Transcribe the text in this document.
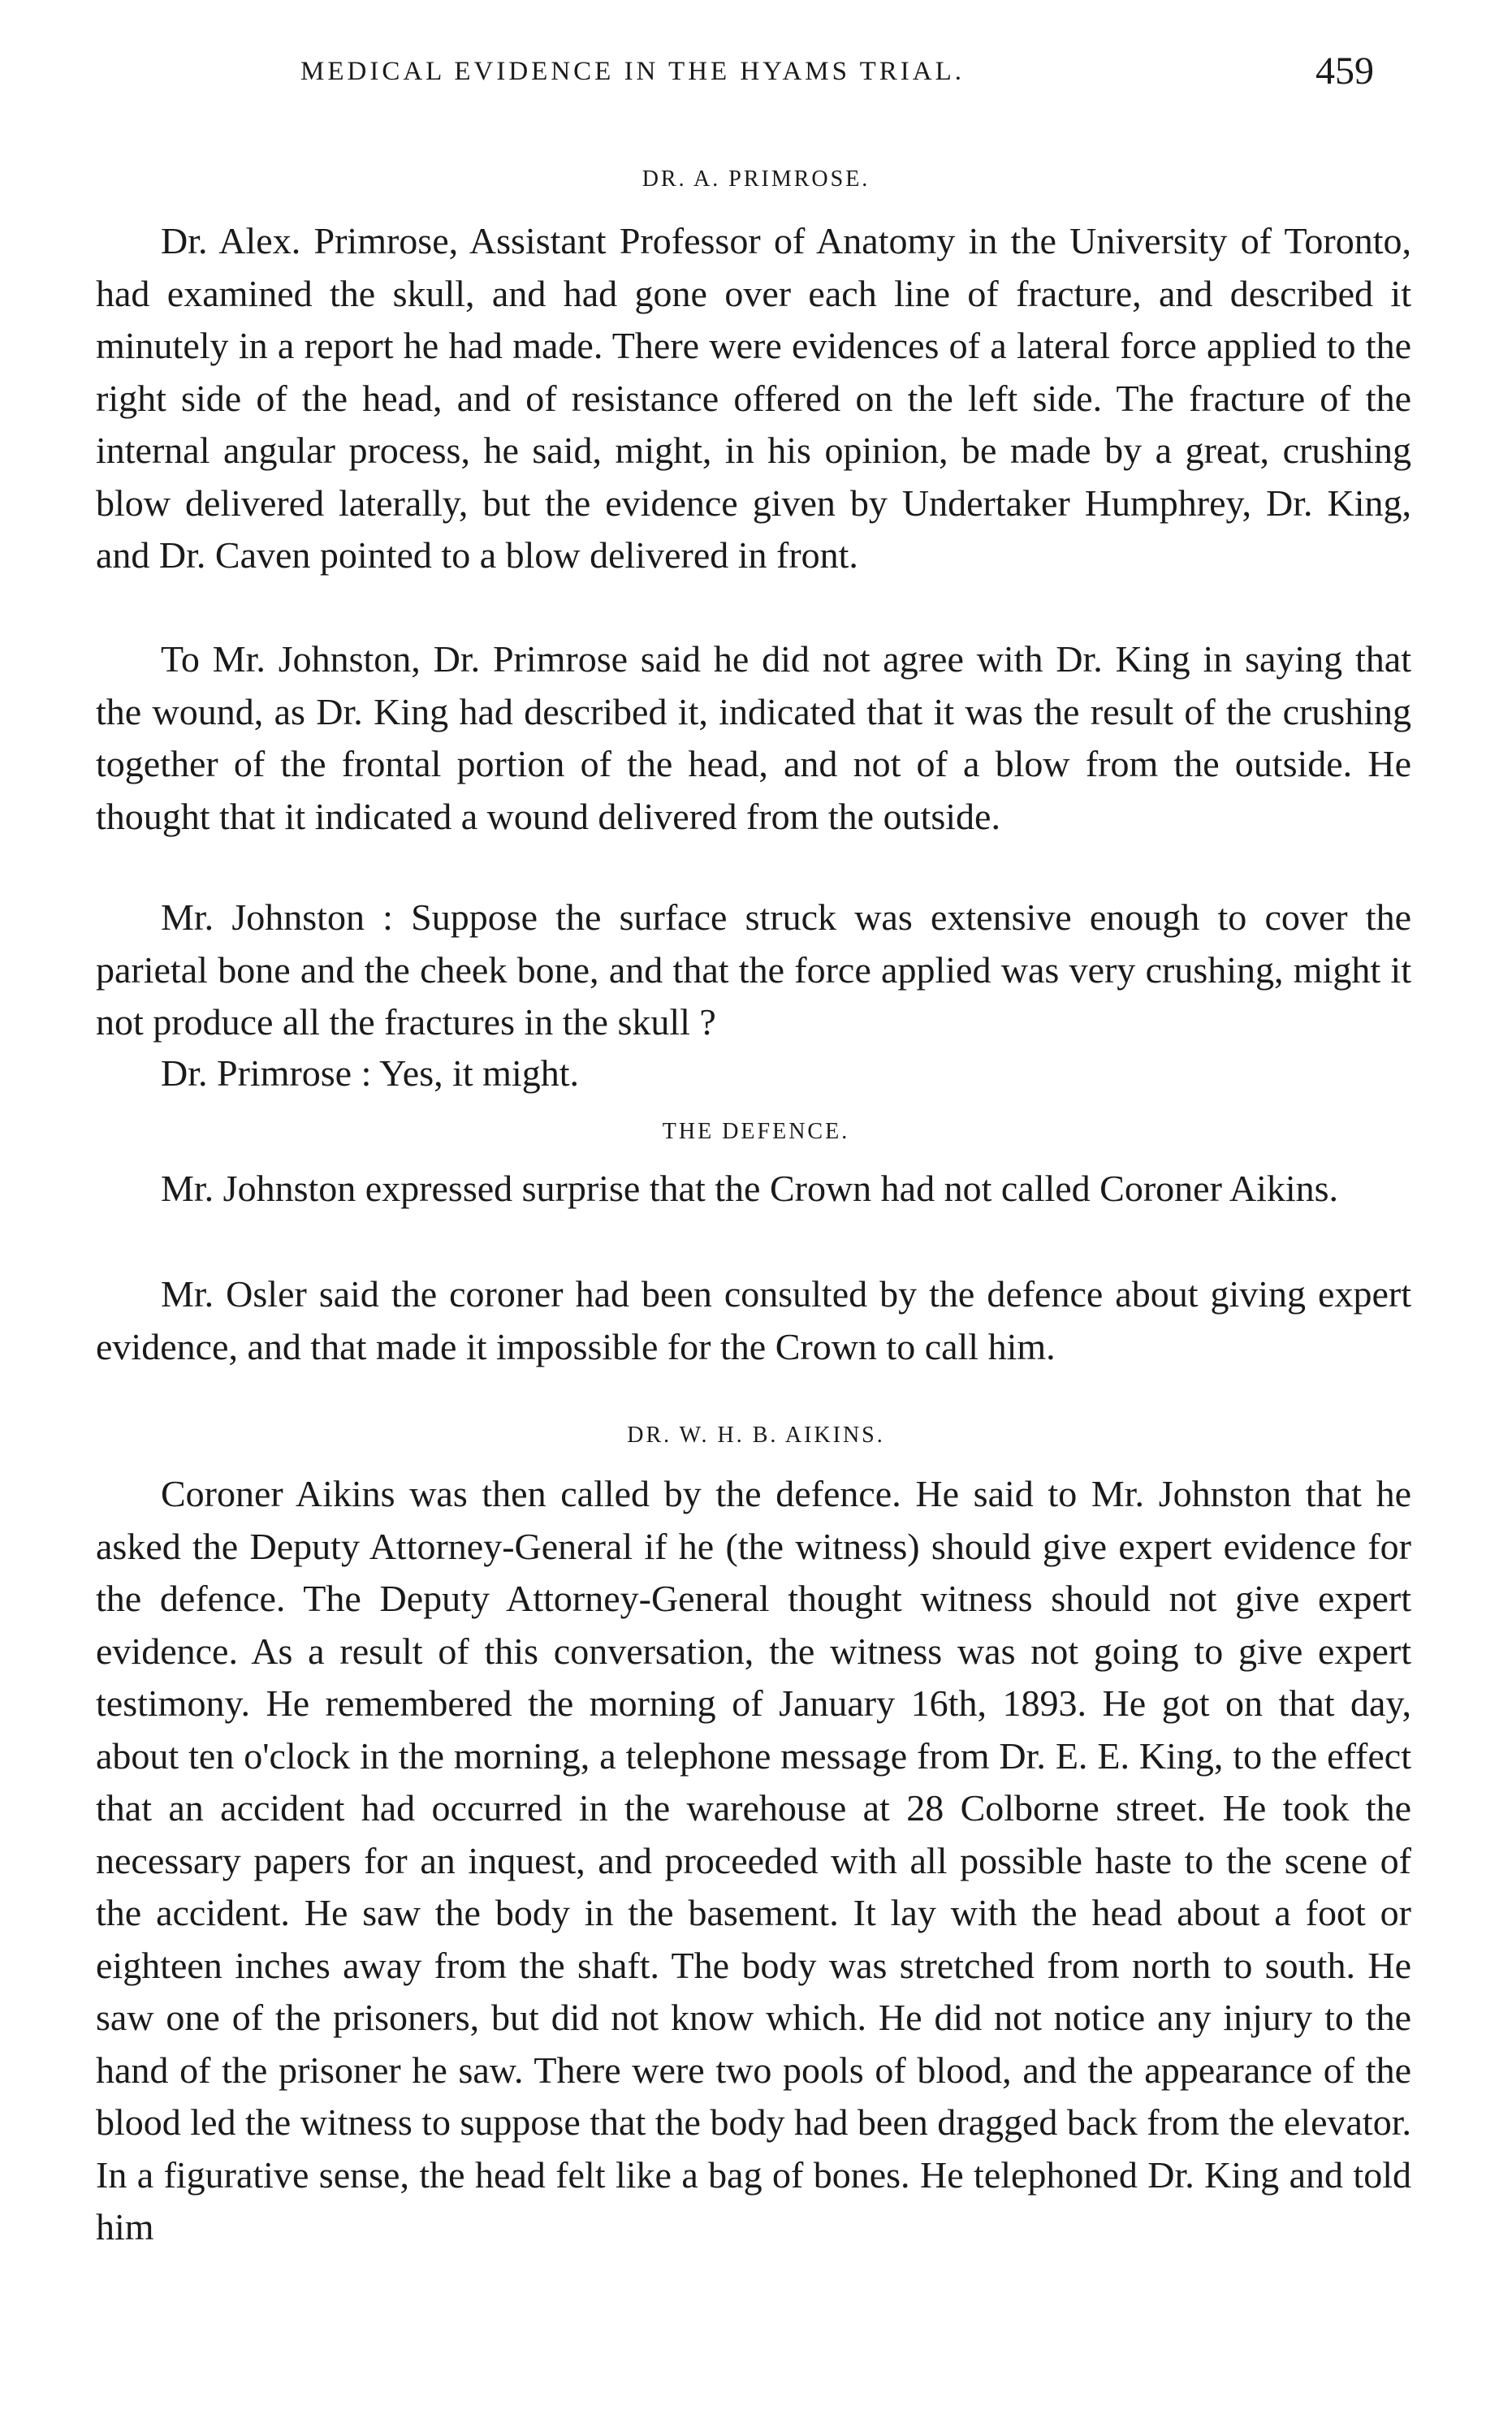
MEDICAL EVIDENCE IN THE HYAMS TRIAL.	459
DR. A. PRIMROSE.

Dr. Alex. Primrose, Assistant Professor of Anatomy in the University of Toronto, had examined the skull, and had gone over each line of fracture, and described it minutely in a report he had made. There were evidences of a lateral force applied to the right side of the head, and of resistance offered on the left side. The fracture of the internal angular process, he said, might, in his opinion, be made by a great, crushing blow delivered laterally, but the evidence given by Undertaker Humphrey, Dr. King, and Dr. Caven pointed to a blow delivered in front.

To Mr. Johnston, Dr. Primrose said he did not agree with Dr. King in saying that the wound, as Dr. King had described it, indicated that it was the result of the crushing together of the frontal portion of the head, and not of a blow from the outside. He thought that it indicated a wound delivered from the outside.

Mr. Johnston : Suppose the surface struck was extensive enough to cover the parietal bone and the cheek bone, and that the force applied was very crushing, might it not produce all the fractures in the skull ?

Dr. Primrose : Yes, it might.

THE DEFENCE.

Mr. Johnston expressed surprise that the Crown had not called Coroner Aikins.

Mr. Osler said the coroner had been consulted by the defence about giving expert evidence, and that made it impossible for the Crown to call him.

DR. W. H. B. AIKINS.

Coroner Aikins was then called by the defence. He said to Mr. Johnston that he asked the Deputy Attorney-General if he (the witness) should give expert evidence for the defence. The Deputy Attorney-General thought witness should not give expert evidence. As a result of this conversation, the witness was not going to give expert testimony. He remembered the morning of January 16th, 1893. He got on that day, about ten o'clock in the morning, a telephone message from Dr. E. E. King, to the effect that an accident had occurred in the warehouse at 28 Colborne street. He took the necessary papers for an inquest, and proceeded with all possible haste to the scene of the accident. He saw the body in the basement. It lay with the head about a foot or eighteen inches away from the shaft. The body was stretched from north to south. He saw one of the prisoners, but did not know which. He did not notice any injury to the hand of the prisoner he saw. There were two pools of blood, and the appearance of the blood led the witness to suppose that the body had been dragged back from the elevator. In a figurative sense, the head felt like a bag of bones. He telephoned Dr. King and told him
